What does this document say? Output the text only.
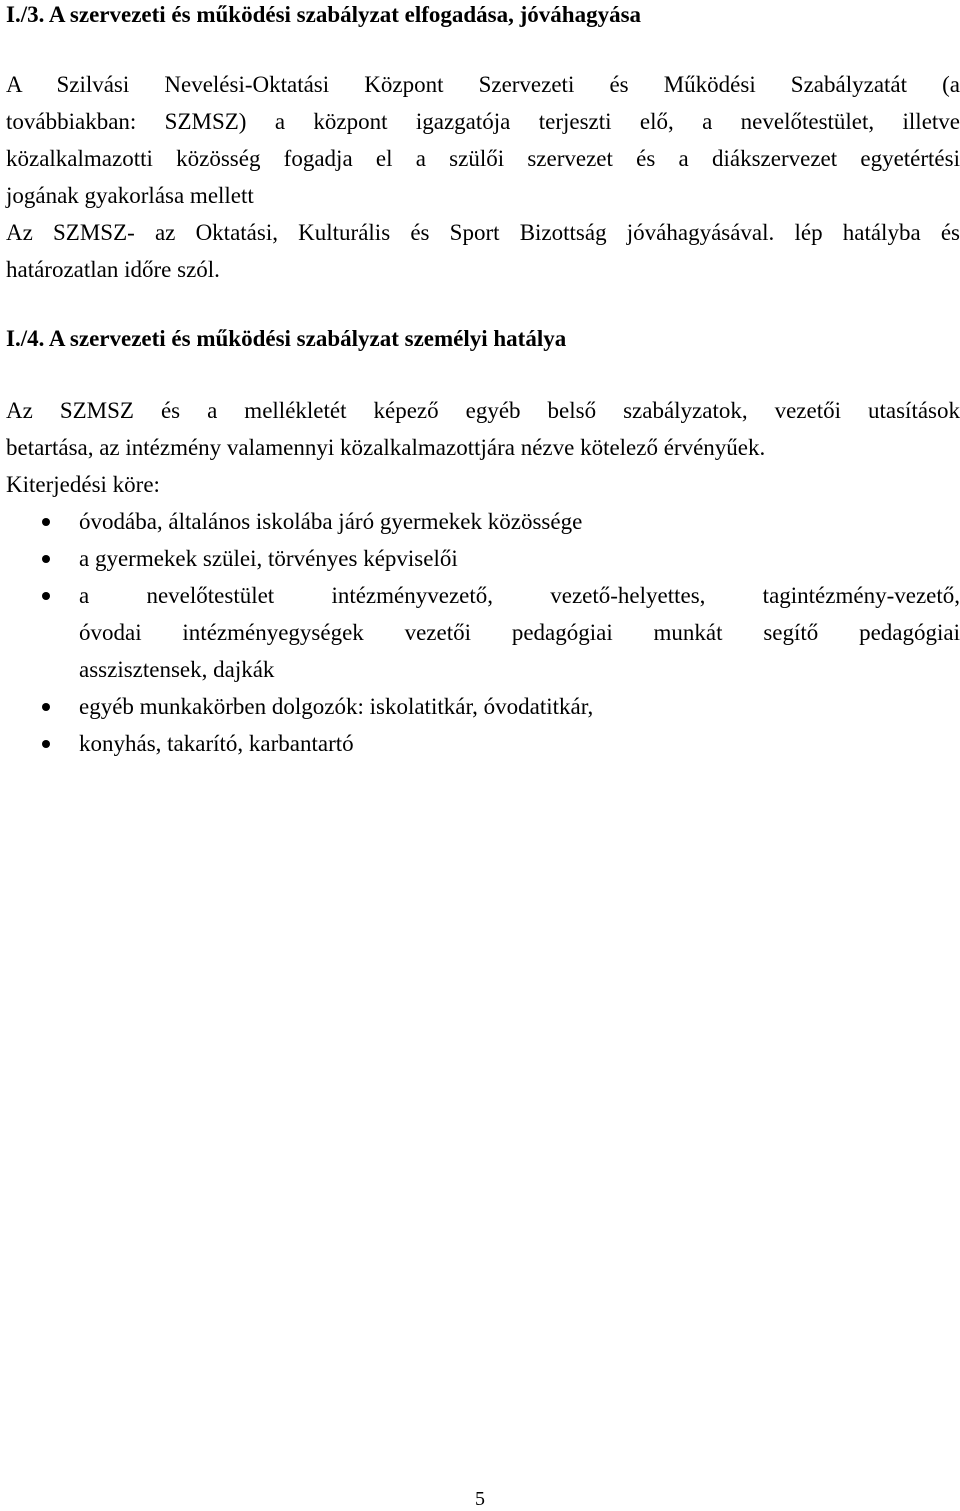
I./3. A szervezeti és működési szabályzat elfogadása, jóváhagyása

A Szilvási Nevelési-Oktatási Központ Szervezeti és Működési Szabályzatát (a
továbbiakban: SZMSZ) a központ igazgatója terjeszti elő, a nevelőtestület, illetve
közalkalmazotti közösség fogadja el a szülői szervezet és a diákszervezet egyetértési
jogának gyakorlása mellett
Az SZMSZ- az Oktatási, Kulturális és Sport Bizottság jóváhagyásával. lép hatályba és
határozatlan időre szól.

I./4. A szervezeti és működési szabályzat személyi hatálya

Az SZMSZ és a mellékletét képező egyéb belső szabályzatok, vezetői utasítások
betartása, az intézmény valamennyi közalkalmazottjára nézve kötelező érvényűek.
Kiterjedési köre:

óvodába, általános iskolába járó gyermekek közössége
a gyermekek szülei, törvényes képviselői
a nevelőtestület intézményvezető, vezető-helyettes, tagintézmény-vezető,
óvodai intézményegységek vezetői pedagógiai munkát segítő pedagógiai
asszisztensek, dajkák
egyéb munkakörben dolgozók: iskolatitkár, óvodatitkár,
konyhás, takarító, karbantartó
5
